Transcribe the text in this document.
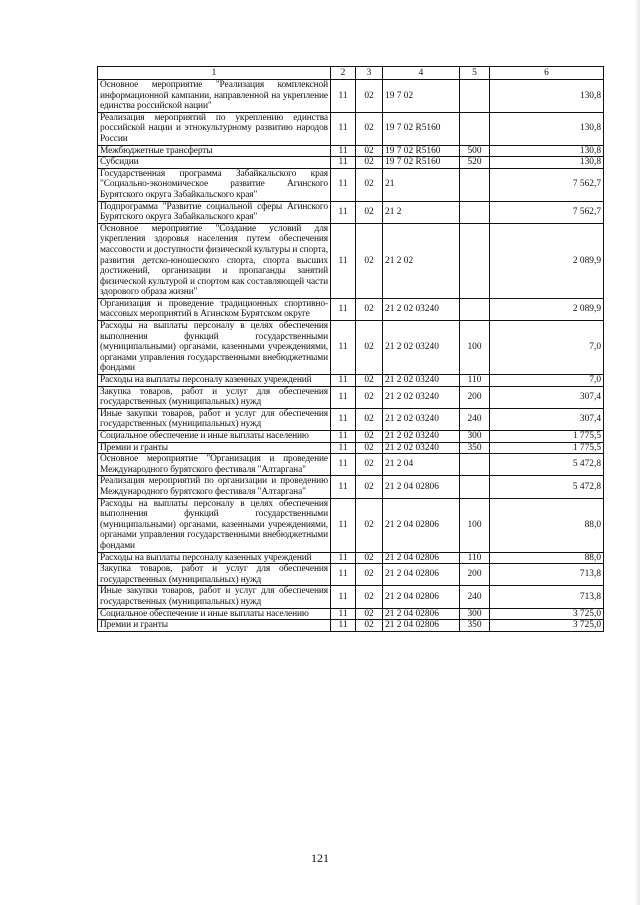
1	2	3	4	5	6
Основное мероприятие "Реализация комплексной информационной кампании, направленной на укрепление единства российской нации"	11	02	19 7 02		130,8
Реализация мероприятий по укреплению единства российской нации и этнокультурному развитию народов России	11	02	19 7 02 R5160		130,8
Межбюджетные трансферты	11	02	19 7 02 R5160	500	130,8
Субсидии	11	02	19 7 02 R5160	520	130,8
Государственная программа Забайкальского края "Социально-экономическое развитие Агинского Бурятского округа Забайкальского края"	11	02	21		7 562,7
Подпрограмма "Развитие социальной сферы Агинского Бурятского округа Забайкальского края"	11	02	21 2		7 562,7
Основное мероприятие "Создание условий для укрепления здоровья населения путем обеспечения массовости и доступности физической культуры и спорта, развития детско-юношеского спорта, спорта высших достижений, организации и пропаганды занятий физической культурой и спортом как составляющей части здорового образа жизни"	11	02	21 2 02		2 089,9
Организация и проведение традиционных спортивно-массовых мероприятий в Агинском Бурятском округе	11	02	21 2 02 03240		2 089,9
Расходы на выплаты персоналу в целях обеспечения выполнения функций государственными (муниципальными) органами, казенными учреждениями, органами управления государственными внебюджетными фондами	11	02	21 2 02 03240	100	7,0
Расходы на выплаты персоналу казенных учреждений	11	02	21 2 02 03240	110	7,0
Закупка товаров, работ и услуг для обеспечения государственных (муниципальных) нужд	11	02	21 2 02 03240	200	307,4
Иные закупки товаров, работ и услуг для обеспечения государственных (муниципальных) нужд	11	02	21 2 02 03240	240	307,4
Социальное обеспечение и иные выплаты населению	11	02	21 2 02 03240	300	1 775,5
Премии и гранты	11	02	21 2 02 03240	350	1 775,5
Основное мероприятие "Организация и проведение Международного бурятского фестиваля "Алтаргана"	11	02	21 2 04		5 472,8
Реализация мероприятий по организации и проведению Международного бурятского фестиваля "Алтаргана"	11	02	21 2 04 02806		5 472,8
Расходы на выплаты персоналу в целях обеспечения выполнения функций государственными (муниципальными) органами, казенными учреждениями, органами управления государственными внебюджетными фондами	11	02	21 2 04 02806	100	88,0
Расходы на выплаты персоналу казенных учреждений	11	02	21 2 04 02806	110	88,0
Закупка товаров, работ и услуг для обеспечения государственных (муниципальных) нужд	11	02	21 2 04 02806	200	713,8
Иные закупки товаров, работ и услуг для обеспечения государственных (муниципальных) нужд	11	02	21 2 04 02806	240	713,8
Социальное обеспечение и иные выплаты населению	11	02	21 2 04 02806	300	3 725,0
Премии и гранты	11	02	21 2 04 02806	350	3 725,0
121
